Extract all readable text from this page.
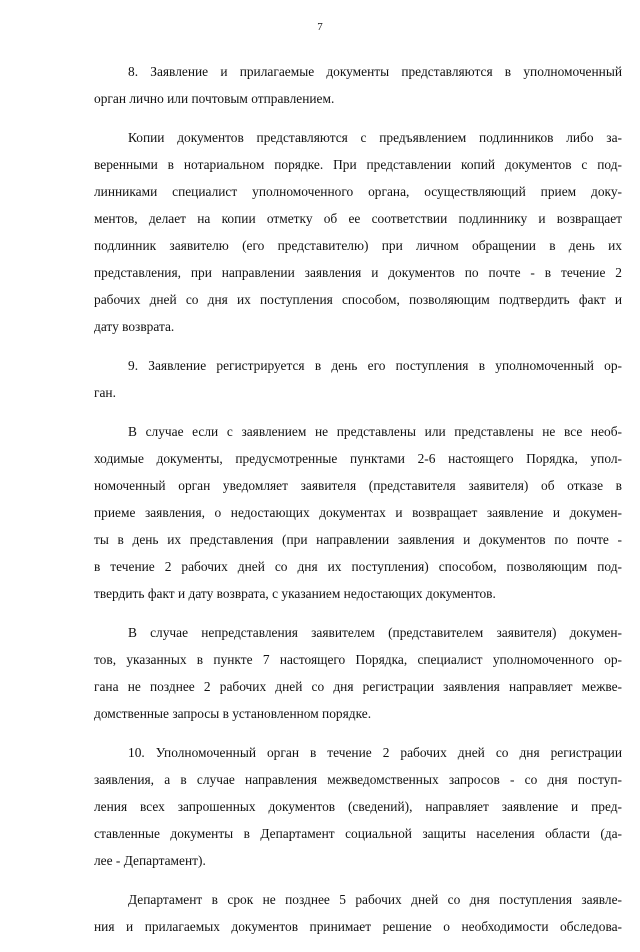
7

8. Заявление и прилагаемые документы представляются в уполномоченный
орган лично или почтовым отправлением.

Копии документов представляются с предъявлением подлинников либо за-
веренными в нотариальном порядке. При представлении копий документов с под-
линниками специалист уполномоченного органа, осуществляющий прием доку-
ментов, делает на копии отметку об ее соответствии подлиннику и возвращает
подлинник заявителю (его представителю) при личном обращении в день их
представления, при направлении заявления и документов по почте - в течение 2
рабочих дней со дня их поступления способом, позволяющим подтвердить факт и
дату возврата.

9. Заявление регистрируется в день его поступления в уполномоченный ор-
ган.

В случае если с заявлением не представлены или представлены не все необ-
ходимые документы, предусмотренные пунктами 2-6 настоящего Порядка, упол-
номоченный орган уведомляет заявителя (представителя заявителя) об отказе в
приеме заявления, о недостающих документах и возвращает заявление и докумен-
ты в день их представления (при направлении заявления и документов по почте -
в течение 2 рабочих дней со дня их поступления) способом, позволяющим под-
твердить факт и дату возврата, с указанием недостающих документов.

В случае непредставления заявителем (представителем заявителя) докумен-
тов, указанных в пункте 7 настоящего Порядка, специалист уполномоченного ор-
гана не позднее 2 рабочих дней со дня регистрации заявления направляет межве-
домственные запросы в установленном порядке.

10. Уполномоченный орган в течение 2 рабочих дней со дня регистрации
заявления, а в случае направления межведомственных запросов - со дня поступ-
ления всех запрошенных документов (сведений), направляет заявление и пред-
ставленные документы в Департамент социальной защиты населения области (да-
лее - Департамент).

Департамент в срок не позднее 5 рабочих дней со дня поступления заявле-
ния и прилагаемых документов принимает решение о необходимости обследова-
